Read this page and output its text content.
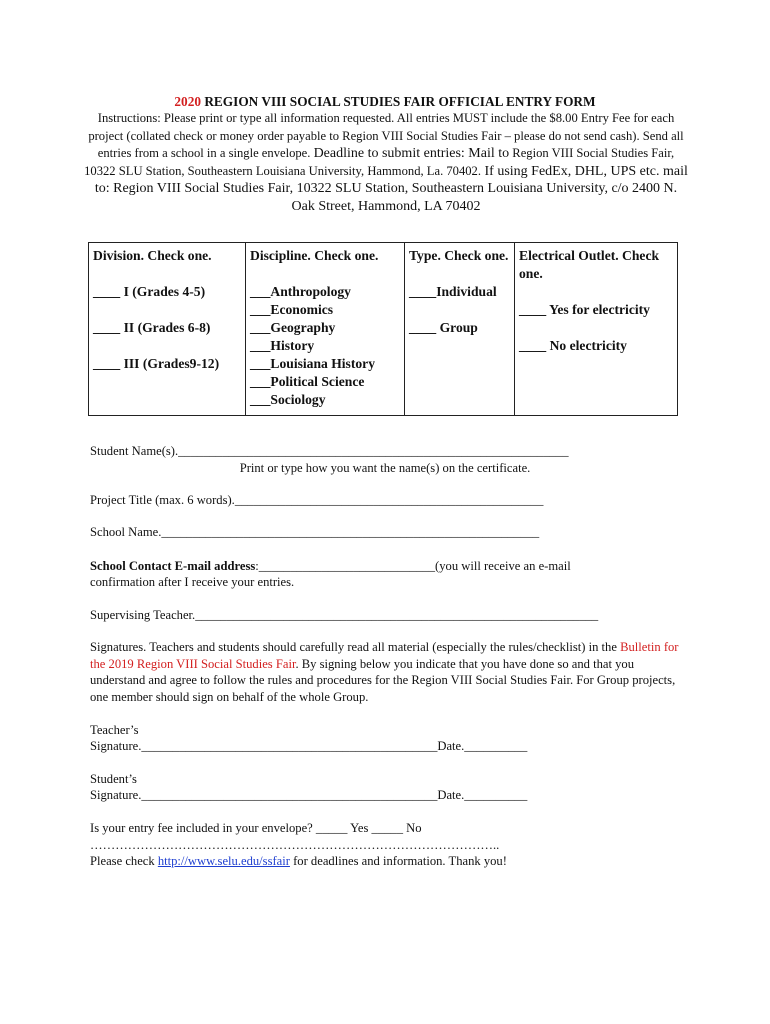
2020 REGION VIII SOCIAL STUDIES FAIR OFFICIAL ENTRY FORM
Instructions: Please print or type all information requested. All entries MUST include the $8.00 Entry Fee for each project (collated check or money order payable to Region VIII Social Studies Fair – please do not send cash). Send all entries from a school in a single envelope. Deadline to submit entries: Mail to Region VIII Social Studies Fair, 10322 SLU Station, Southeastern Louisiana University, Hammond, La. 70402. If using FedEx, DHL, UPS etc. mail to: Region VIII Social Studies Fair, 10322 SLU Station, Southeastern Louisiana University, c/o 2400 N. Oak Street, Hammond, LA 70402
Division. Check one.
____ I (Grades 4-5)
____ II (Grades 6-8)
____ III (Grades9-12)

Discipline. Check one.
___Anthropology
___Economics
___Geography
___History
___Louisiana History
___Political Science
___Sociology

Type. Check one.
____Individual
____ Group

Electrical Outlet. Check one.
____ Yes for electricity
____ No electricity
Student Name(s).______________________________________________________________
Print or type how you want the name(s) on the certificate.
Project Title (max. 6 words)._________________________________________________
School Name.____________________________________________________________
School Contact E-mail address:____________________________(you will receive an e-mail
confirmation after I receive your entries.
Supervising Teacher.________________________________________________________________
Signatures. Teachers and students should carefully read all material (especially the rules/checklist) in the Bulletin for the 2019 Region VIII Social Studies Fair. By signing below you indicate that you have done so and that you understand and agree to follow the rules and procedures for the Region VIII Social Studies Fair. For Group projects, one member should sign on behalf of the whole Group.
Teacher’s
Signature._______________________________________________Date.__________
Student’s
Signature._______________________________________________Date.__________
Is your entry fee included in your envelope? _____ Yes _____ No
……………………………………………………………………………………..
Please check http://www.selu.edu/ssfair for deadlines and information. Thank you!
